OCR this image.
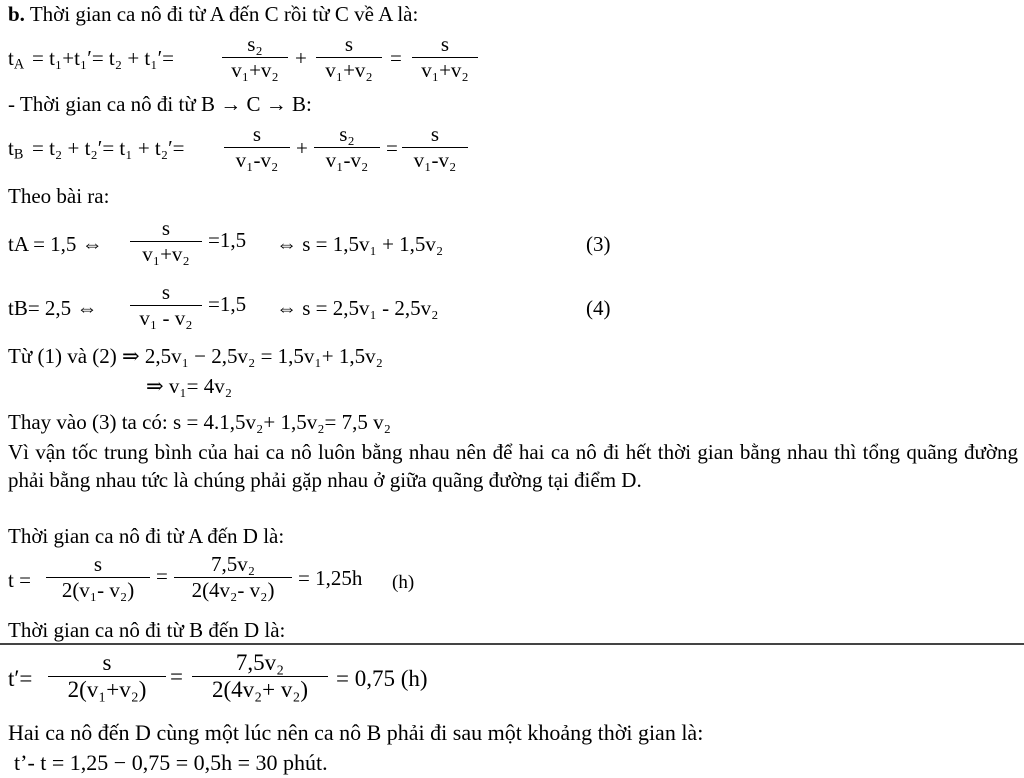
b. Thời gian ca nô đi từ A đến C rồi từ C về A là:
$t_A = t_1+t_1'= t_2 + t_1'= \frac{\text{s₂}}{\text{v₁+v₂}} + \frac{s}{\text{v₁+v₂}} = \frac{s}{\text{v₁+v₂}}$
- Thời gian ca nô đi từ B → C → B:
$t_B = t_2 + t_2'= t_1 + t_2'= \frac{s}{\text{v₁-v₂}} + \frac{\text{s₂}}{\text{v₁-v₂}} = \frac{s}{\text{v₁-v₂}}$
Theo bài ra:
tA = 1,5 ⇔ $\frac{s}{\text{v₁+v₂}} =1,5$ ⇔ s = 1,5v₁ + 1,5v₂	(3)
tB= 2,5 ⇔ $\frac{s}{\text{v₁ - v₂}} =1,5$ ⇔ s = 2,5v₁ - 2,5v₂	(4)
Từ (1) và (2) ⇒ 2,5v₁ − 2,5v₂ = 1,5v₁+ 1,5v₂
⇒ v₁= 4v₂
Thay vào (3) ta có: s = 4.1,5v₂+ 1,5v₂= 7,5 v₂
Vì vận tốc trung bình của hai ca nô luôn bằng nhau nên để hai ca nô đi hết thời gian bằng nhau thì tổng quãng đường phải bằng nhau tức là chúng phải gặp nhau ở giữa quãng đường tại điểm D.
Thời gian ca nô đi từ A đến D là:
$t = \frac{s}{\text{2(v₁- v₂)}} = \frac{\text{7,5v₂}}{\text{2(4v₂- v₂)}} = 1,25h$ (h)
Thời gian ca nô đi từ B đến D là:
$t'= \frac{s}{\text{2(v₁+v₂)}} = \frac{\text{7,5v₂}}{\text{2(4v₂+ v₂)}} = 0,75$ (h)
Hai ca nô đến D cùng một lúc nên ca nô B phải đi sau một khoảng thời gian là:
t’- t = 1,25 − 0,75 = 0,5h = 30 phút.
